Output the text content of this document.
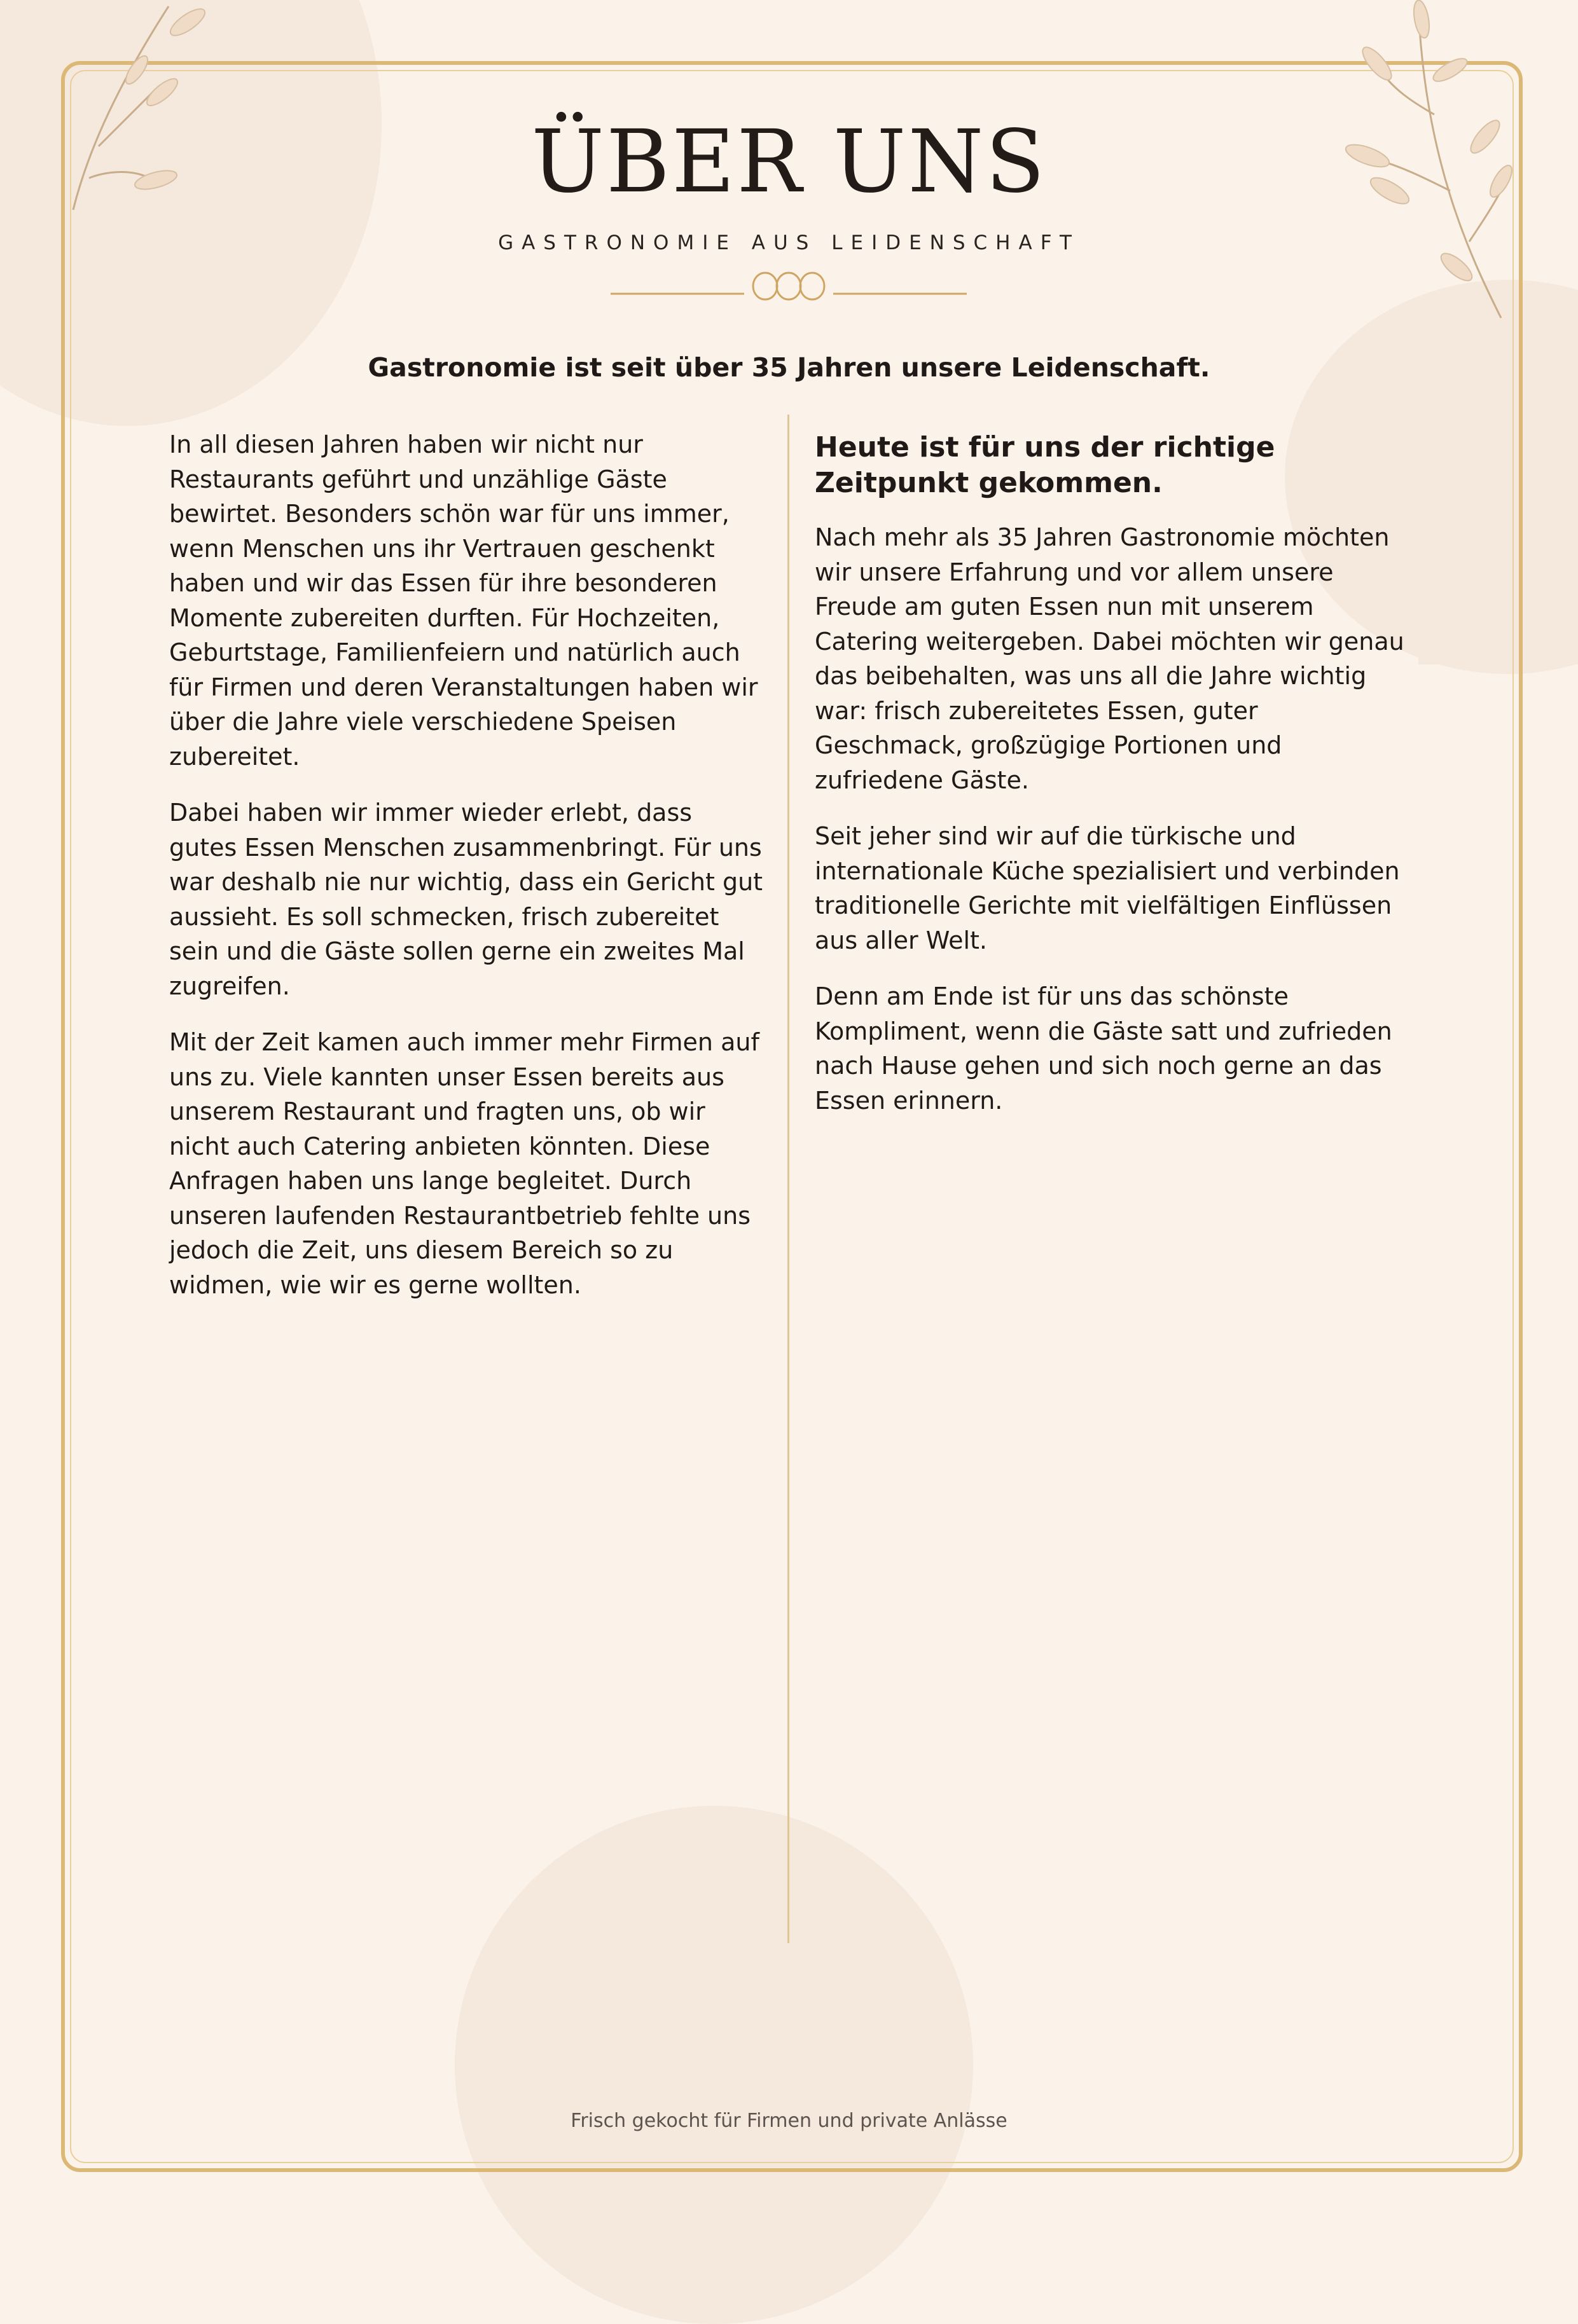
ÜBER UNS
GASTRONOMIE AUS LEIDENSCHAFT
Gastronomie ist seit über 35 Jahren unsere Leidenschaft.

In all diesen Jahren haben wir nicht nur Restaurants geführt und unzählige Gäste bewirtet. Besonders schön war für uns immer, wenn Menschen uns ihr Vertrauen geschenkt haben und wir das Essen für ihre besonderen Momente zubereiten durften. Für Hochzeiten, Geburtstage, Familienfeiern und natürlich auch für Firmen und deren Veranstaltungen haben wir über die Jahre viele verschiedene Speisen zubereitet.

Dabei haben wir immer wieder erlebt, dass gutes Essen Menschen zusammenbringt. Für uns war deshalb nie nur wichtig, dass ein Gericht gut aussieht. Es soll schmecken, frisch zubereitet sein und die Gäste sollen gerne ein zweites Mal zugreifen.

Mit der Zeit kamen auch immer mehr Firmen auf uns zu. Viele kannten unser Essen bereits aus unserem Restaurant und fragten uns, ob wir nicht auch Catering anbieten könnten. Diese Anfragen haben uns lange begleitet. Durch unseren laufenden Restaurantbetrieb fehlte uns jedoch die Zeit, uns diesem Bereich so zu widmen, wie wir es gerne wollten.

Heute ist für uns der richtige Zeitpunkt gekommen.

Nach mehr als 35 Jahren Gastronomie möchten wir unsere Erfahrung und vor allem unsere Freude am guten Essen nun mit unserem Catering weitergeben. Dabei möchten wir genau das beibehalten, was uns all die Jahre wichtig war: frisch zubereitetes Essen, guter Geschmack, großzügige Portionen und zufriedene Gäste.

Seit jeher sind wir auf die türkische und internationale Küche spezialisiert und verbinden traditionelle Gerichte mit vielfältigen Einflüssen aus aller Welt.

Denn am Ende ist für uns das schönste Kompliment, wenn die Gäste satt und zufrieden nach Hause gehen und sich noch gerne an das Essen erinnern.

Frisch gekocht für Firmen und private Anlässe
